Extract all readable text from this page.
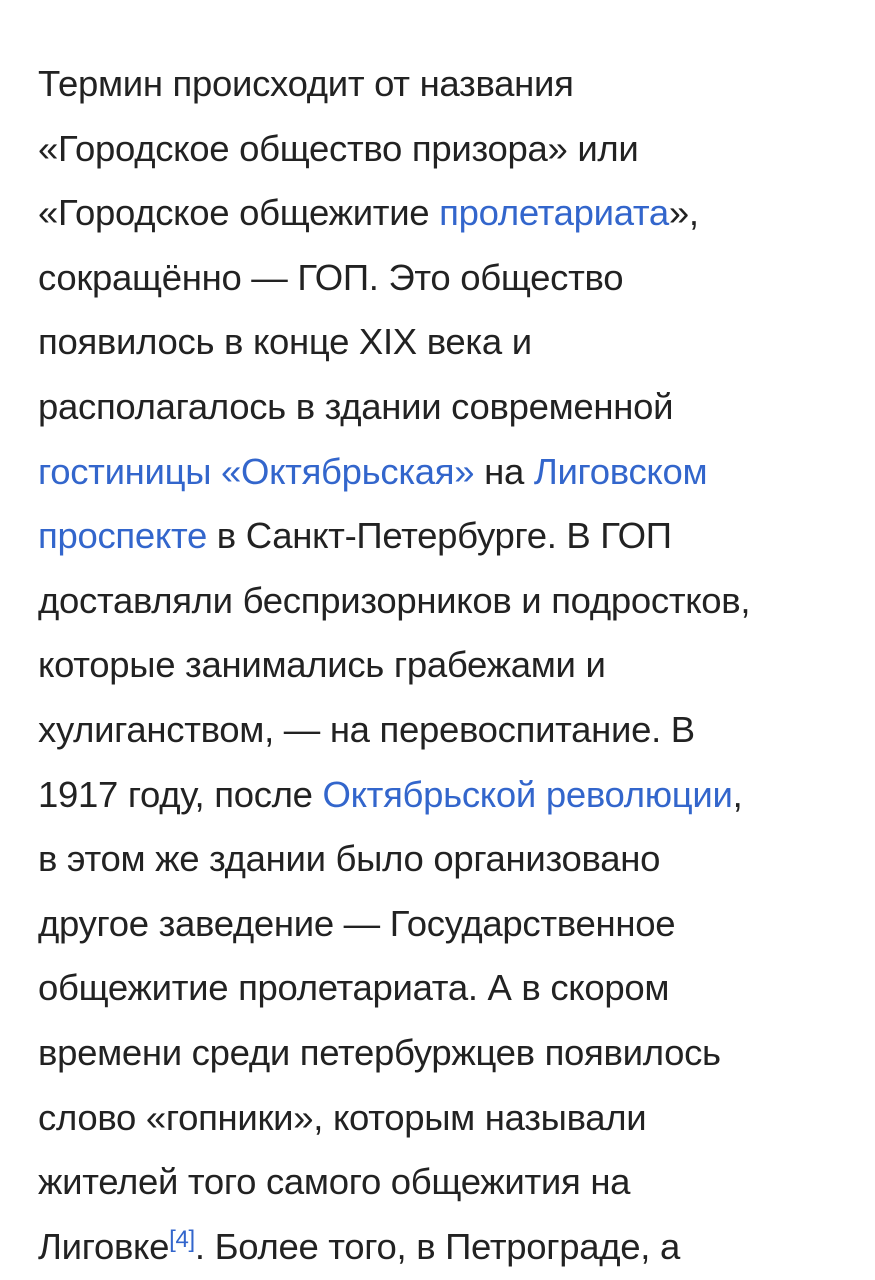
Термин происходит от названия
«Городское общество призора» или
«Городское общежитие пролетариата»,
сокращённо — ГОП. Это общество
появилось в конце XIX века и
располагалось в здании современной
гостиницы «Октябрьская» на Лиговском
проспекте в Санкт-Петербурге. В ГОП
доставляли беспризорников и подростков,
которые занимались грабежами и
хулиганством, — на перевоспитание. В
1917 году, после Октябрьской революции,
в этом же здании было организовано
другое заведение — Государственное
общежитие пролетариата. А в скором
времени среди петербуржцев появилось
слово «гопники», которым называли
жителей того самого общежития на
Лиговке[4]. Более того, в Петрограде, а
